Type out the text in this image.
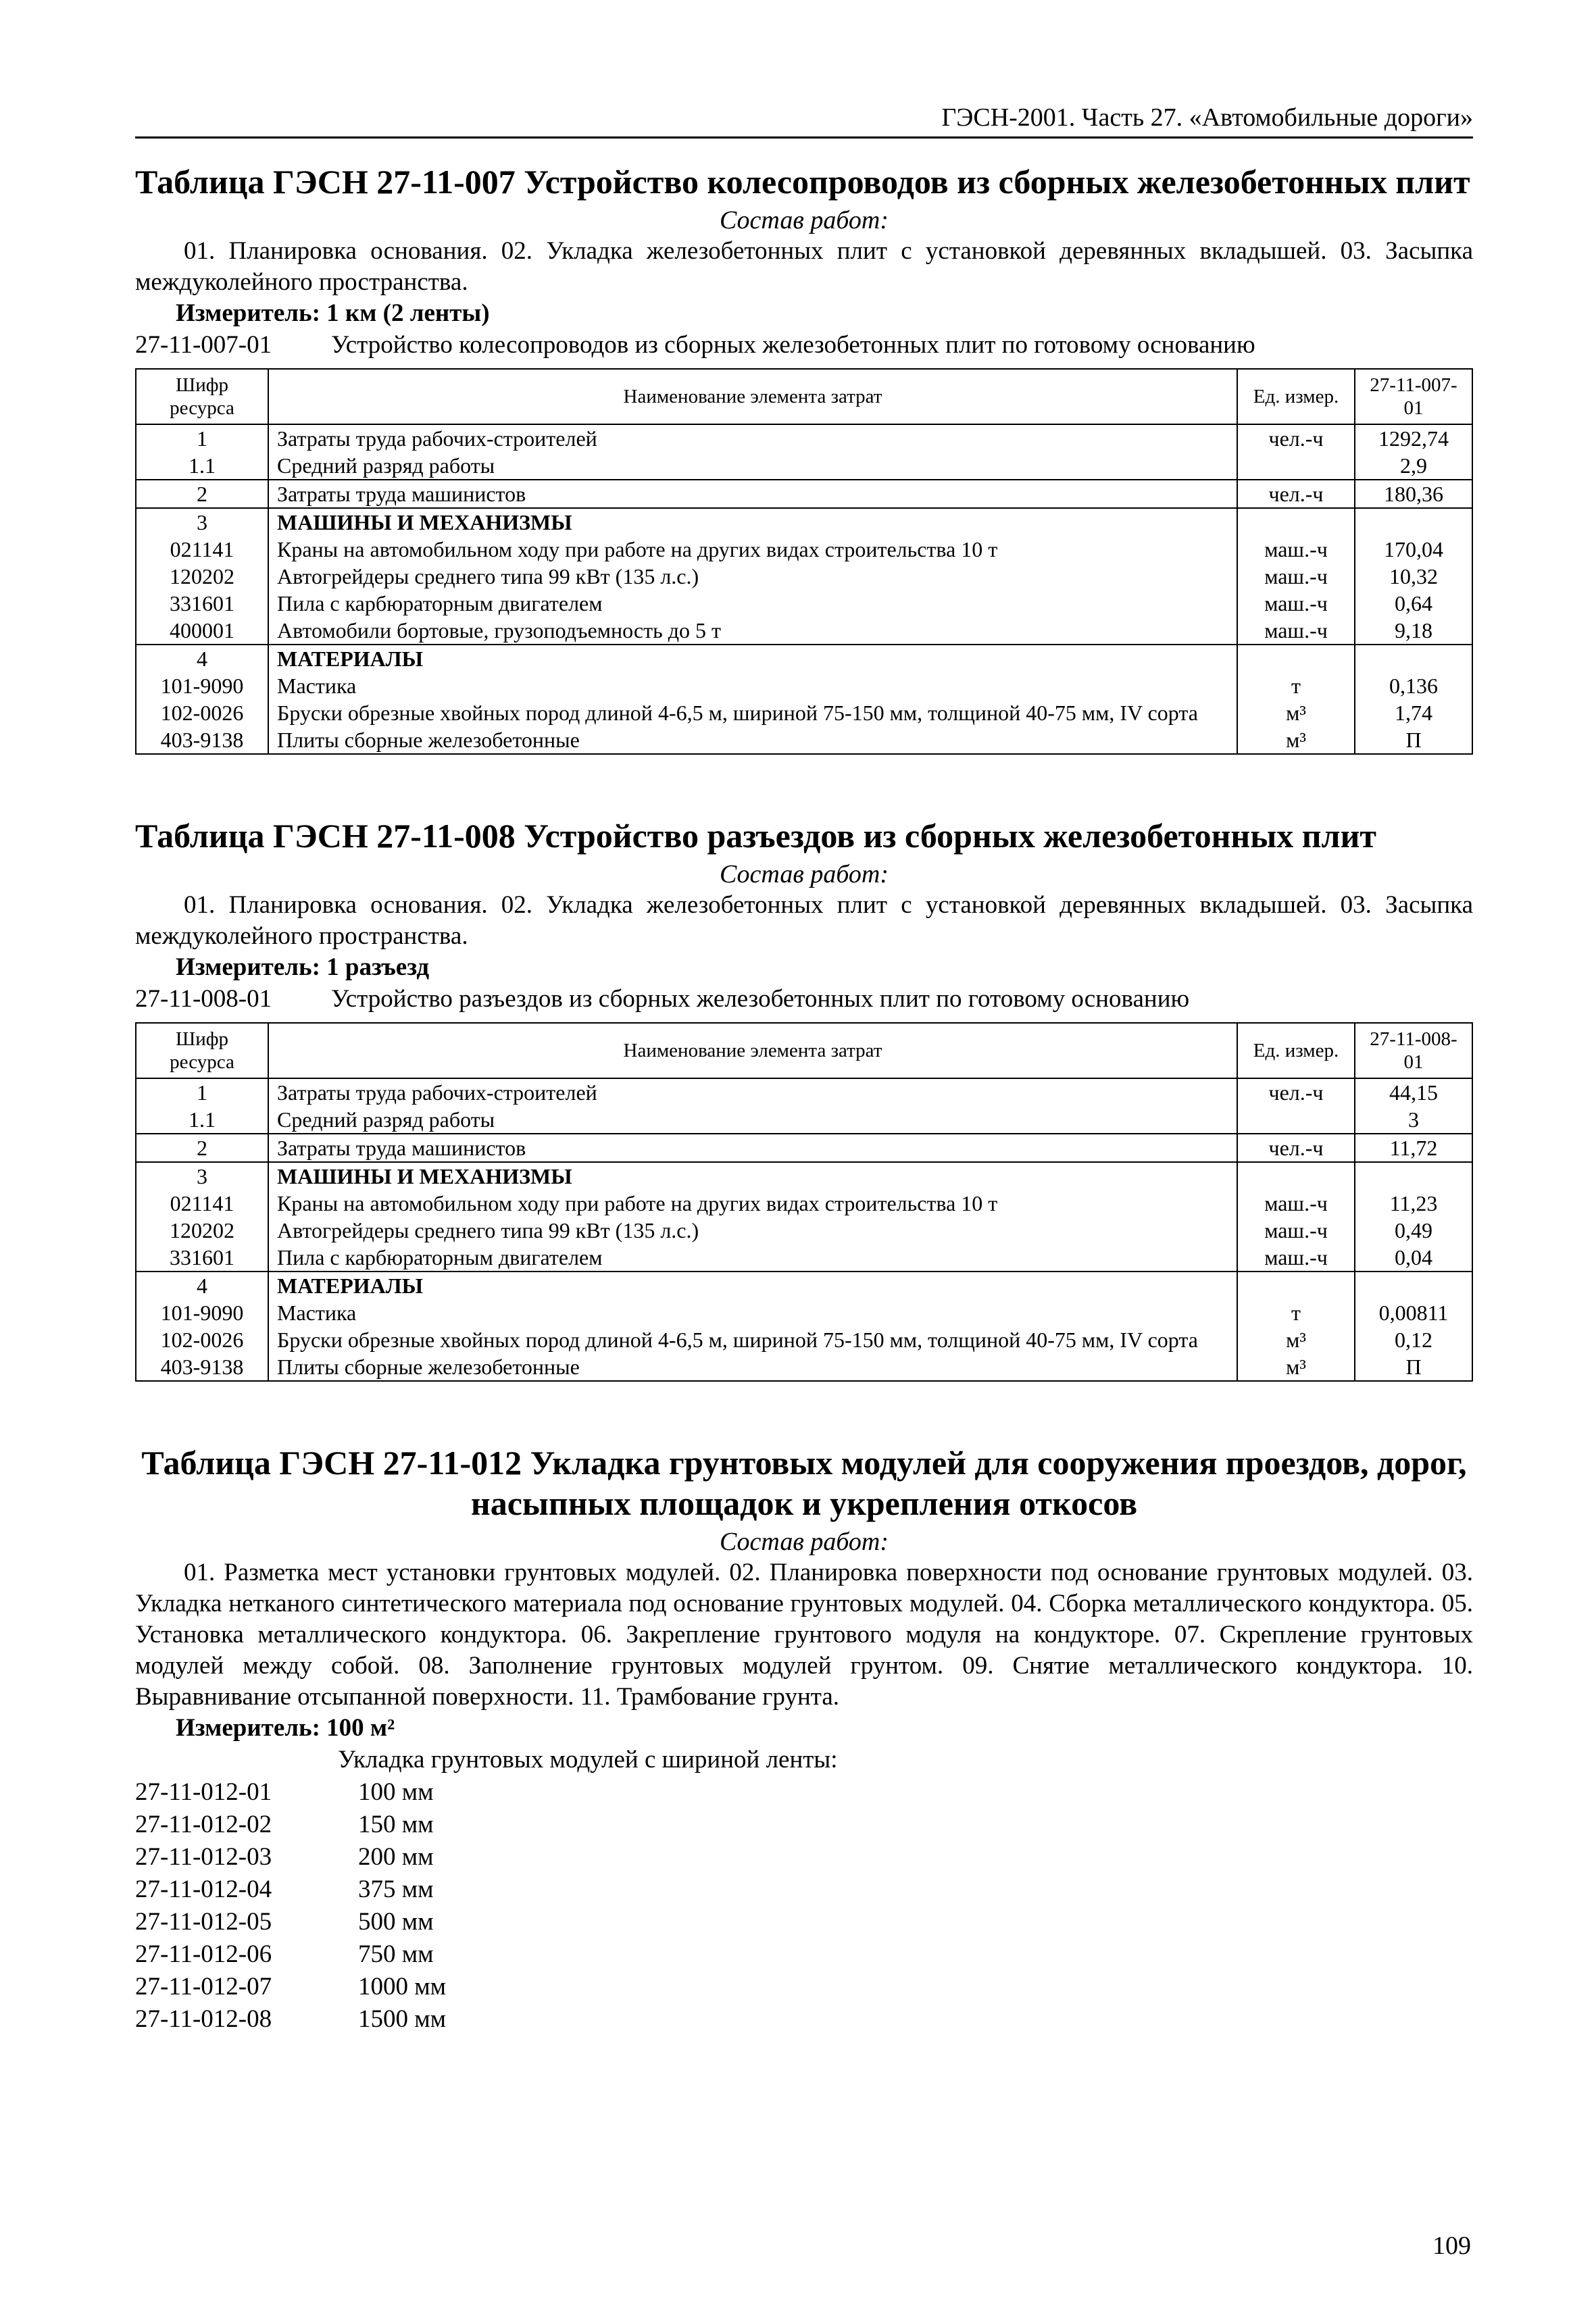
ГЭСН-2001. Часть 27. «Автомобильные дороги»
Таблица ГЭСН 27-11-007 Устройство колесопроводов из сборных железобетонных плит
Состав работ:
01. Планировка основания. 02. Укладка железобетонных плит с установкой деревянных вкладышей. 03. Засыпка междуколейного пространства.
Измеритель: 1 км (2 ленты)
27-11-007-01	Устройство колесопроводов из сборных железобетонных плит по готовому основанию
Шифр ресурса	Наименование элемента затрат	Ед. измер.	27-11-007-01
1	Затраты труда рабочих-строителей	чел.-ч	1292,74
1.1	Средний разряд работы		2,9
2	Затраты труда машинистов	чел.-ч	180,36
3	МАШИНЫ И МЕХАНИЗМЫ		
021141	Краны на автомобильном ходу при работе на других видах строительства 10 т	маш.-ч	170,04
120202	Автогрейдеры среднего типа 99 кВт (135 л.с.)	маш.-ч	10,32
331601	Пила с карбюраторным двигателем	маш.-ч	0,64
400001	Автомобили бортовые, грузоподъемность до 5 т	маш.-ч	9,18
4	МАТЕРИАЛЫ		
101-9090	Мастика	т	0,136
102-0026	Бруски обрезные хвойных пород длиной 4-6,5 м, шириной 75-150 мм, толщиной 40-75 мм, IV сорта	м³	1,74
403-9138	Плиты сборные железобетонные	м³	П
Таблица ГЭСН 27-11-008 Устройство разъездов из сборных железобетонных плит
Состав работ:
01. Планировка основания. 02. Укладка железобетонных плит с установкой деревянных вкладышей. 03. Засыпка междуколейного пространства.
Измеритель: 1 разъезд
27-11-008-01	Устройство разъездов из сборных железобетонных плит по готовому основанию
Шифр ресурса	Наименование элемента затрат	Ед. измер.	27-11-008-01
1	Затраты труда рабочих-строителей	чел.-ч	44,15
1.1	Средний разряд работы		3
2	Затраты труда машинистов	чел.-ч	11,72
3	МАШИНЫ И МЕХАНИЗМЫ		
021141	Краны на автомобильном ходу при работе на других видах строительства 10 т	маш.-ч	11,23
120202	Автогрейдеры среднего типа 99 кВт (135 л.с.)	маш.-ч	0,49
331601	Пила с карбюраторным двигателем	маш.-ч	0,04
4	МАТЕРИАЛЫ		
101-9090	Мастика	т	0,00811
102-0026	Бруски обрезные хвойных пород длиной 4-6,5 м, шириной 75-150 мм, толщиной 40-75 мм, IV сорта	м³	0,12
403-9138	Плиты сборные железобетонные	м³	П
Таблица ГЭСН 27-11-012 Укладка грунтовых модулей для сооружения проездов, дорог, насыпных площадок и укрепления откосов
Состав работ:
01. Разметка мест установки грунтовых модулей. 02. Планировка поверхности под основание грунтовых модулей. 03. Укладка нетканого синтетического материала под основание грунтовых модулей. 04. Сборка металлического кондуктора. 05. Установка металлического кондуктора. 06. Закрепление грунтового модуля на кондукторе. 07. Скрепление грунтовых модулей между собой. 08. Заполнение грунтовых модулей грунтом. 09. Снятие металлического кондуктора. 10. Выравнивание отсыпанной поверхности. 11. Трамбование грунта.
Измеритель: 100 м²
Укладка грунтовых модулей с шириной ленты:
27-11-012-01	100 мм
27-11-012-02	150 мм
27-11-012-03	200 мм
27-11-012-04	375 мм
27-11-012-05	500 мм
27-11-012-06	750 мм
27-11-012-07	1000 мм
27-11-012-08	1500 мм
109
